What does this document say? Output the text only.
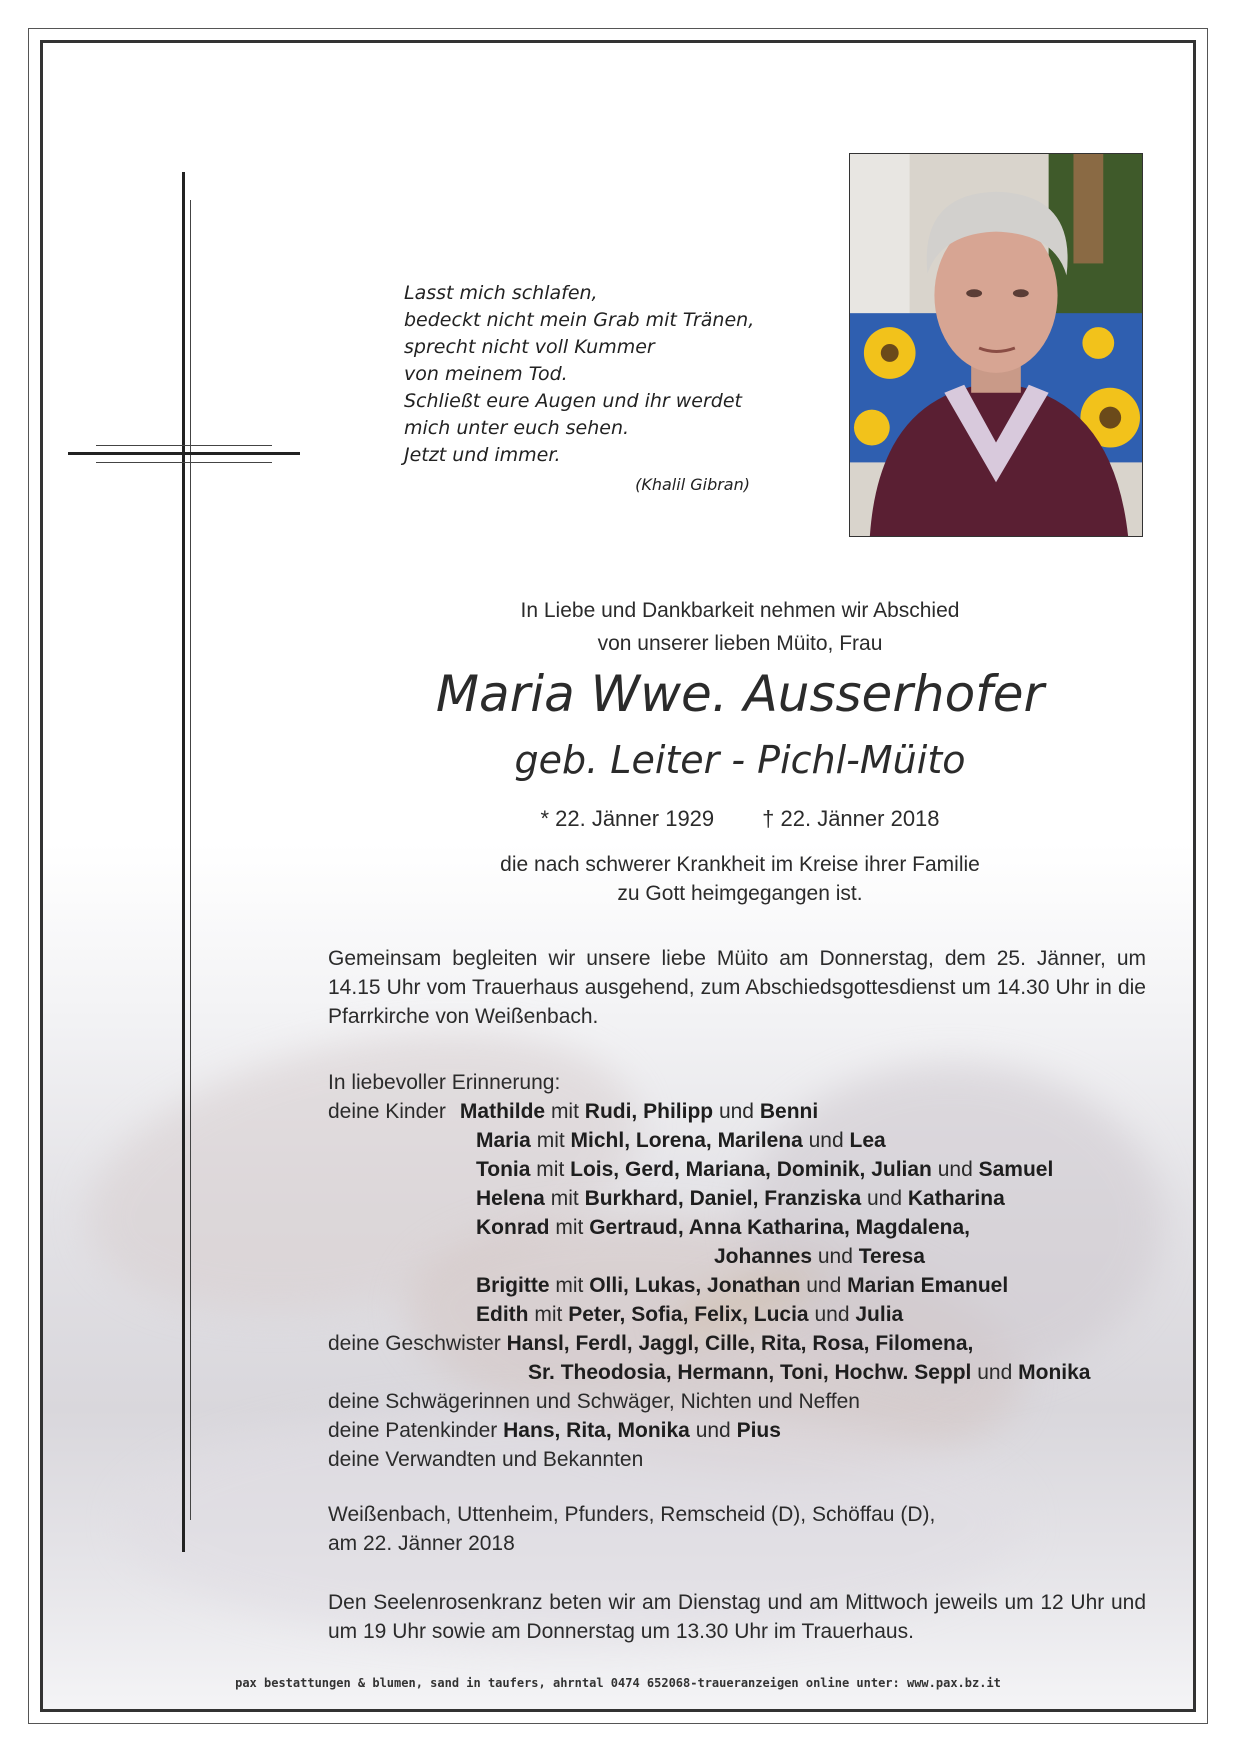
Lasst mich schlafen,
bedeckt nicht mein Grab mit Tränen,
sprecht nicht voll Kummer
von meinem Tod.
Schließt eure Augen und ihr werdet
mich unter euch sehen.
Jetzt und immer.
(Khalil Gibran)
In Liebe und Dankbarkeit nehmen wir Abschied
von unserer lieben Müito, Frau
Maria Wwe. Ausserhofer
geb. Leiter - Pichl-Müito
* 22. Jänner 1929 † 22. Jänner 2018
die nach schwerer Krankheit im Kreise ihrer Familie
zu Gott heimgegangen ist.
Gemeinsam begleiten wir unsere liebe Müito am Donnerstag, dem 25. Jänner, um 14.15 Uhr vom Trauerhaus ausgehend, zum Abschiedsgottesdienst um 14.30 Uhr in die Pfarrkirche von Weißenbach.
In liebevoller Erinnerung:
deine Kinder Mathilde mit Rudi, Philipp und Benni
Maria mit Michl, Lorena, Marilena und Lea
Tonia mit Lois, Gerd, Mariana, Dominik, Julian und Samuel
Helena mit Burkhard, Daniel, Franziska und Katharina
Konrad mit Gertraud, Anna Katharina, Magdalena,
Johannes und Teresa
Brigitte mit Olli, Lukas, Jonathan und Marian Emanuel
Edith mit Peter, Sofia, Felix, Lucia und Julia
deine Geschwister Hansl, Ferdl, Jaggl, Cille, Rita, Rosa, Filomena,
Sr. Theodosia, Hermann, Toni, Hochw. Seppl und Monika
deine Schwägerinnen und Schwäger, Nichten und Neffen
deine Patenkinder Hans, Rita, Monika und Pius
deine Verwandten und Bekannten
Weißenbach, Uttenheim, Pfunders, Remscheid (D), Schöffau (D),
am 22. Jänner 2018
Den Seelenrosenkranz beten wir am Dienstag und am Mittwoch jeweils um 12 Uhr und um 19 Uhr sowie am Donnerstag um 13.30 Uhr im Trauerhaus.
pax bestattungen & blumen, sand in taufers, ahrntal 0474 652068-traueranzeigen online unter: www.pax.bz.it
